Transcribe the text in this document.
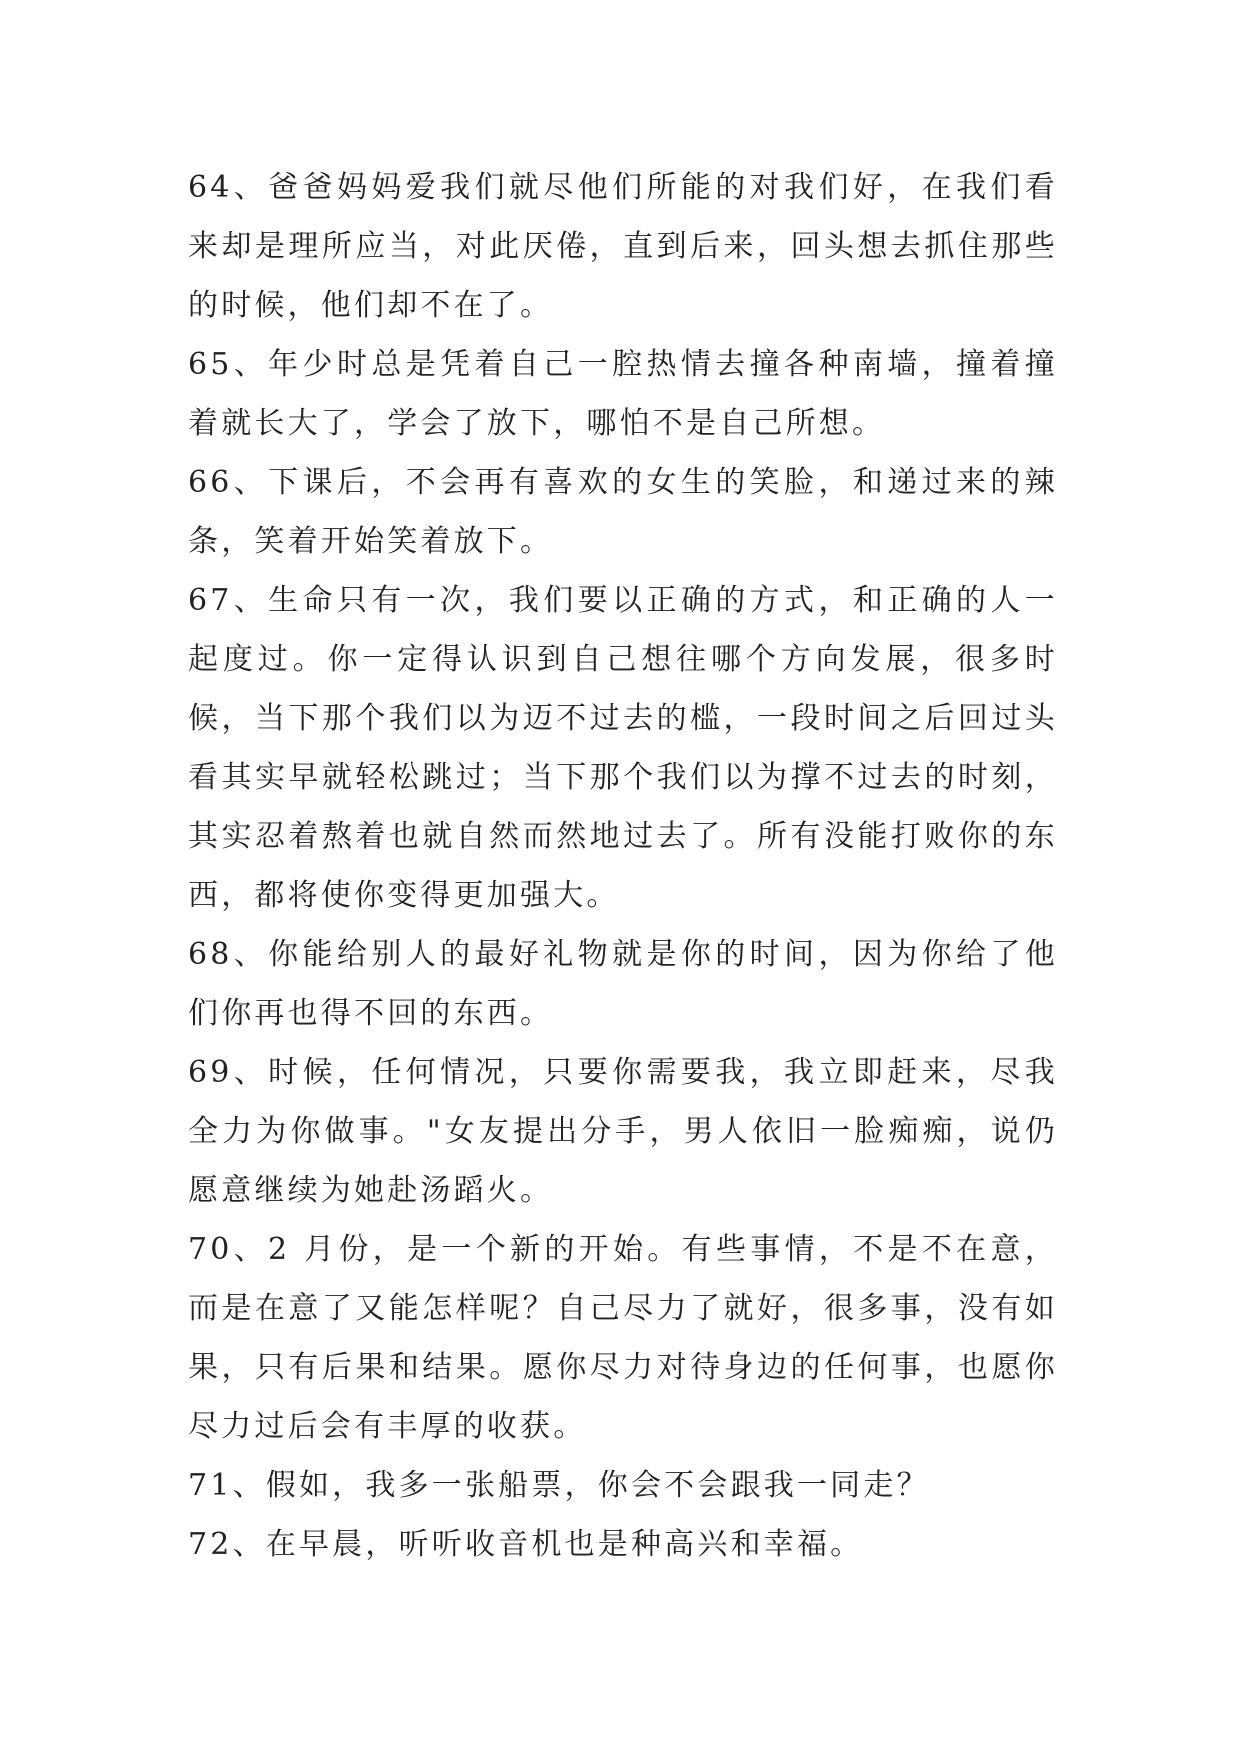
64、爸爸妈妈爱我们就尽他们所能的对我们好，在我们看来却是理所应当，对此厌倦，直到后来，回头想去抓住那些的时候，他们却不在了。

65、年少时总是凭着自己一腔热情去撞各种南墙，撞着撞着就长大了，学会了放下，哪怕不是自己所想。

66、下课后，不会再有喜欢的女生的笑脸，和递过来的辣条，笑着开始笑着放下。

67、生命只有一次，我们要以正确的方式，和正确的人一起度过。你一定得认识到自己想往哪个方向发展，很多时候，当下那个我们以为迈不过去的槛，一段时间之后回过头看其实早就轻松跳过；当下那个我们以为撑不过去的时刻，其实忍着熬着也就自然而然地过去了。所有没能打败你的东西，都将使你变得更加强大。

68、你能给别人的最好礼物就是你的时间，因为你给了他们你再也得不回的东西。

69、时候，任何情况，只要你需要我，我立即赶来，尽我全力为你做事。"女友提出分手，男人依旧一脸痴痴，说仍愿意继续为她赴汤蹈火。

70、2 月份，是一个新的开始。有些事情，不是不在意，而是在意了又能怎样呢？自己尽力了就好，很多事，没有如果，只有后果和结果。愿你尽力对待身边的任何事，也愿你尽力过后会有丰厚的收获。

71、假如，我多一张船票，你会不会跟我一同走？

72、在早晨，听听收音机也是种高兴和幸福。
